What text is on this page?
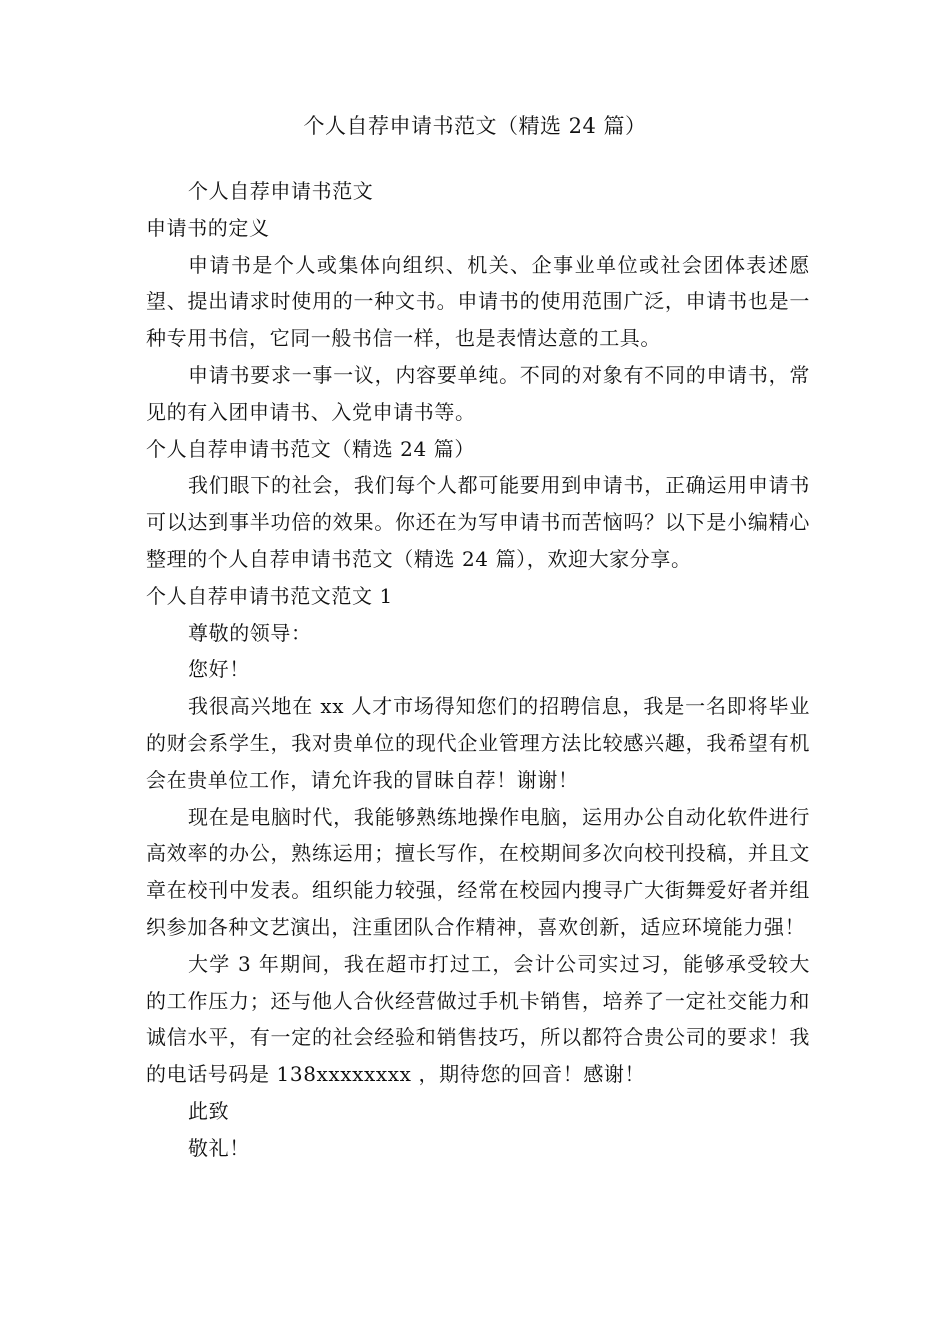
个人自荐申请书范文（精选 24 篇）

个人自荐申请书范文

申请书的定义

申请书是个人或集体向组织、机关、企事业单位或社会团体表述愿望、提出请求时使用的一种文书。申请书的使用范围广泛，申请书也是一种专用书信，它同一般书信一样，也是表情达意的工具。

申请书要求一事一议，内容要单纯。不同的对象有不同的申请书，常见的有入团申请书、入党申请书等。

个人自荐申请书范文（精选 24 篇）

我们眼下的社会，我们每个人都可能要用到申请书，正确运用申请书可以达到事半功倍的效果。你还在为写申请书而苦恼吗？以下是小编精心整理的个人自荐申请书范文（精选 24 篇），欢迎大家分享。

个人自荐申请书范文范文 1

尊敬的领导：

您好！

我很高兴地在 xx 人才市场得知您们的招聘信息，我是一名即将毕业的财会系学生，我对贵单位的现代企业管理方法比较感兴趣，我希望有机会在贵单位工作，请允许我的冒昧自荐！谢谢！

现在是电脑时代，我能够熟练地操作电脑，运用办公自动化软件进行高效率的办公，熟练运用；擅长写作，在校期间多次向校刊投稿，并且文章在校刊中发表。组织能力较强，经常在校园内搜寻广大街舞爱好者并组织参加各种文艺演出，注重团队合作精神，喜欢创新，适应环境能力强！

大学 3 年期间，我在超市打过工，会计公司实过习，能够承受较大的工作压力；还与他人合伙经营做过手机卡销售，培养了一定社交能力和诚信水平，有一定的社会经验和销售技巧，所以都符合贵公司的要求！我的电话号码是 138xxxxxxxx ，期待您的回音！感谢！

此致

敬礼！
